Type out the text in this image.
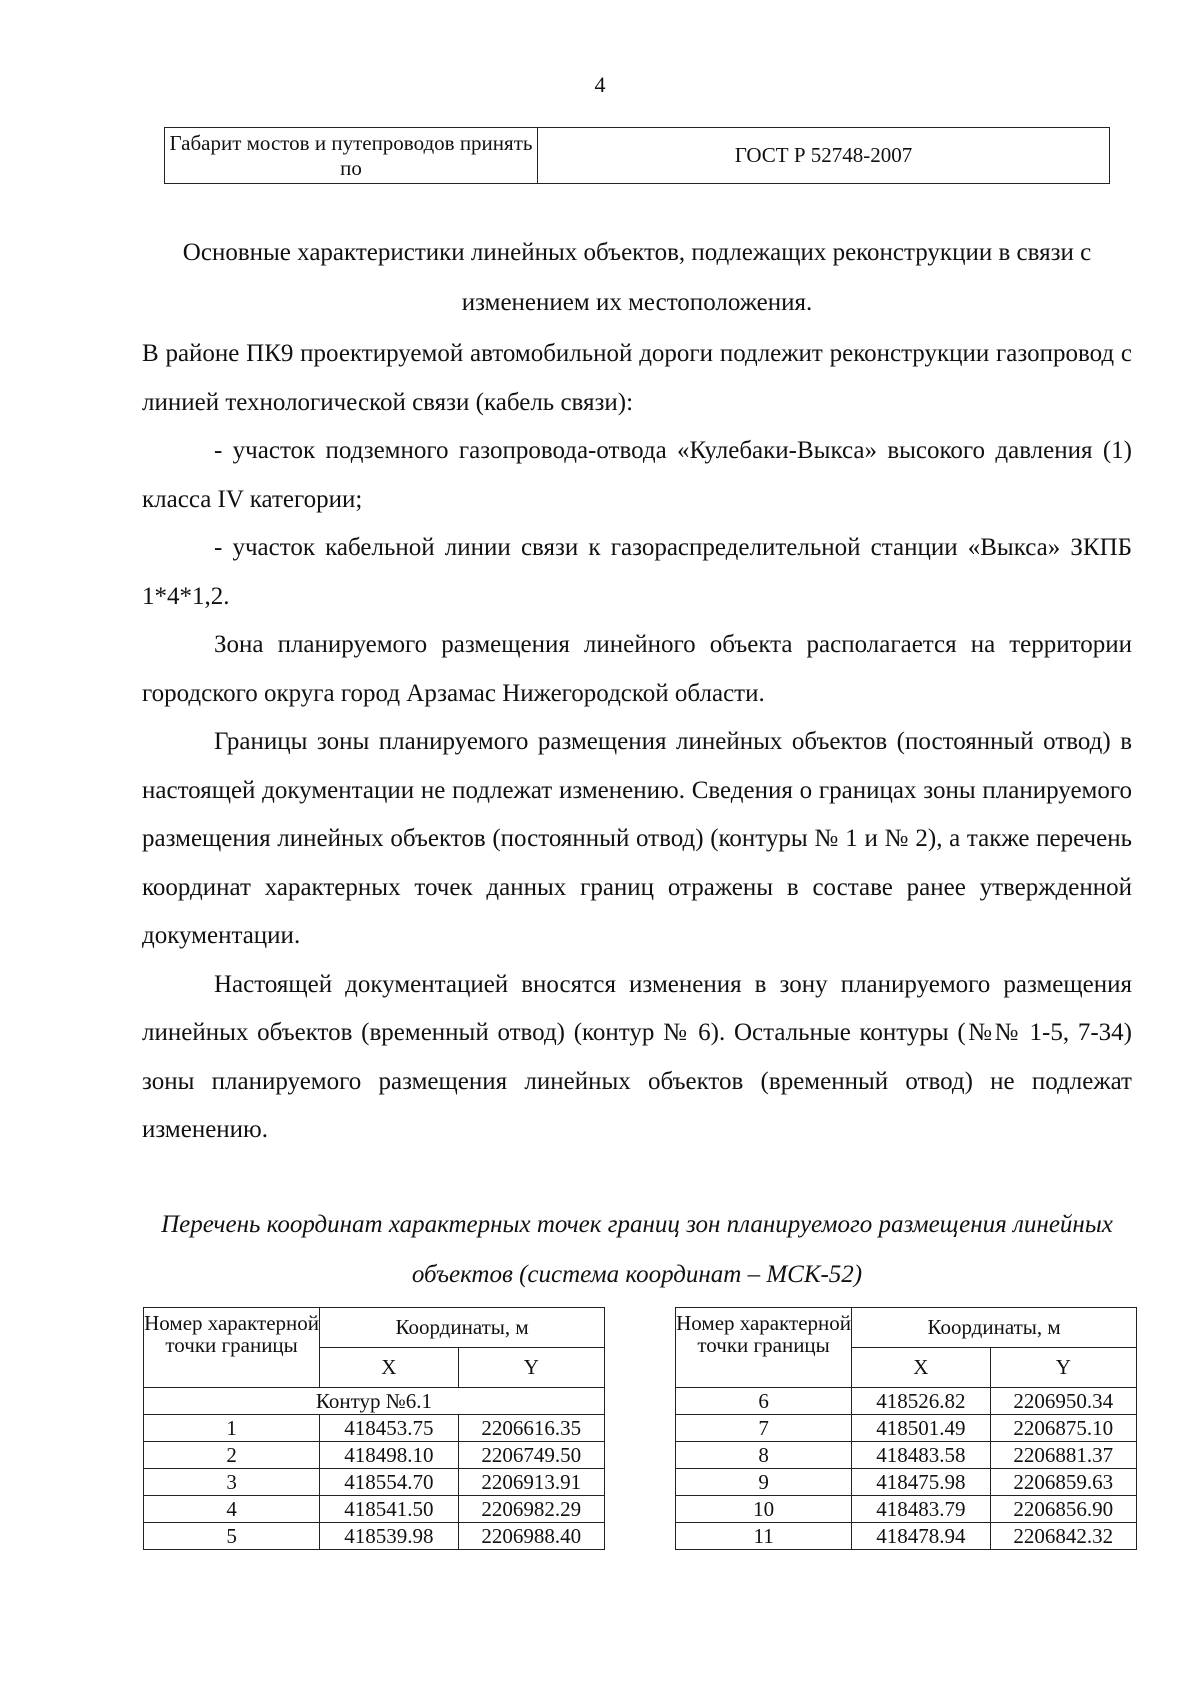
4
Габарит мостов и путепроводов принять по	ГОСТ Р 52748-2007
Основные характеристики линейных объектов, подлежащих реконструкции в связи с изменением их местоположения.

В районе ПК9 проектируемой автомобильной дороги подлежит реконструкции газопровод с линией технологической связи (кабель связи):

- участок подземного газопровода-отвода «Кулебаки-Выкса» высокого давления (1) класса IV категории;

- участок кабельной линии связи к газораспределительной станции «Выкса» ЗКПБ 1*4*1,2.

Зона планируемого размещения линейного объекта располагается на территории городского округа город Арзамас Нижегородской области.

Границы зоны планируемого размещения линейных объектов (постоянный отвод) в настоящей документации не подлежат изменению. Сведения о границах зоны планируемого размещения линейных объектов (постоянный отвод) (контуры № 1 и № 2), а также перечень координат характерных точек данных границ отражены в составе ранее утвержденной документации.

Настоящей документацией вносятся изменения в зону планируемого размещения линейных объектов (временный отвод) (контур № 6). Остальные контуры (№№ 1-5, 7-34) зоны планируемого размещения линейных объектов (временный отвод) не подлежат изменению.

Перечень координат характерных точек границ зон планируемого размещения линейных объектов (система координат – МСК-52)
Номер характерной точки границы	Координаты, м	
	X	Y
Контур №6.1		
1	418453.75	2206616.35
2	418498.10	2206749.50
3	418554.70	2206913.91
4	418541.50	2206982.29
5	418539.98	2206988.40
Номер характерной точки границы	Координаты, м	
	X	Y
6	418526.82	2206950.34
7	418501.49	2206875.10
8	418483.58	2206881.37
9	418475.98	2206859.63
10	418483.79	2206856.90
11	418478.94	2206842.32
